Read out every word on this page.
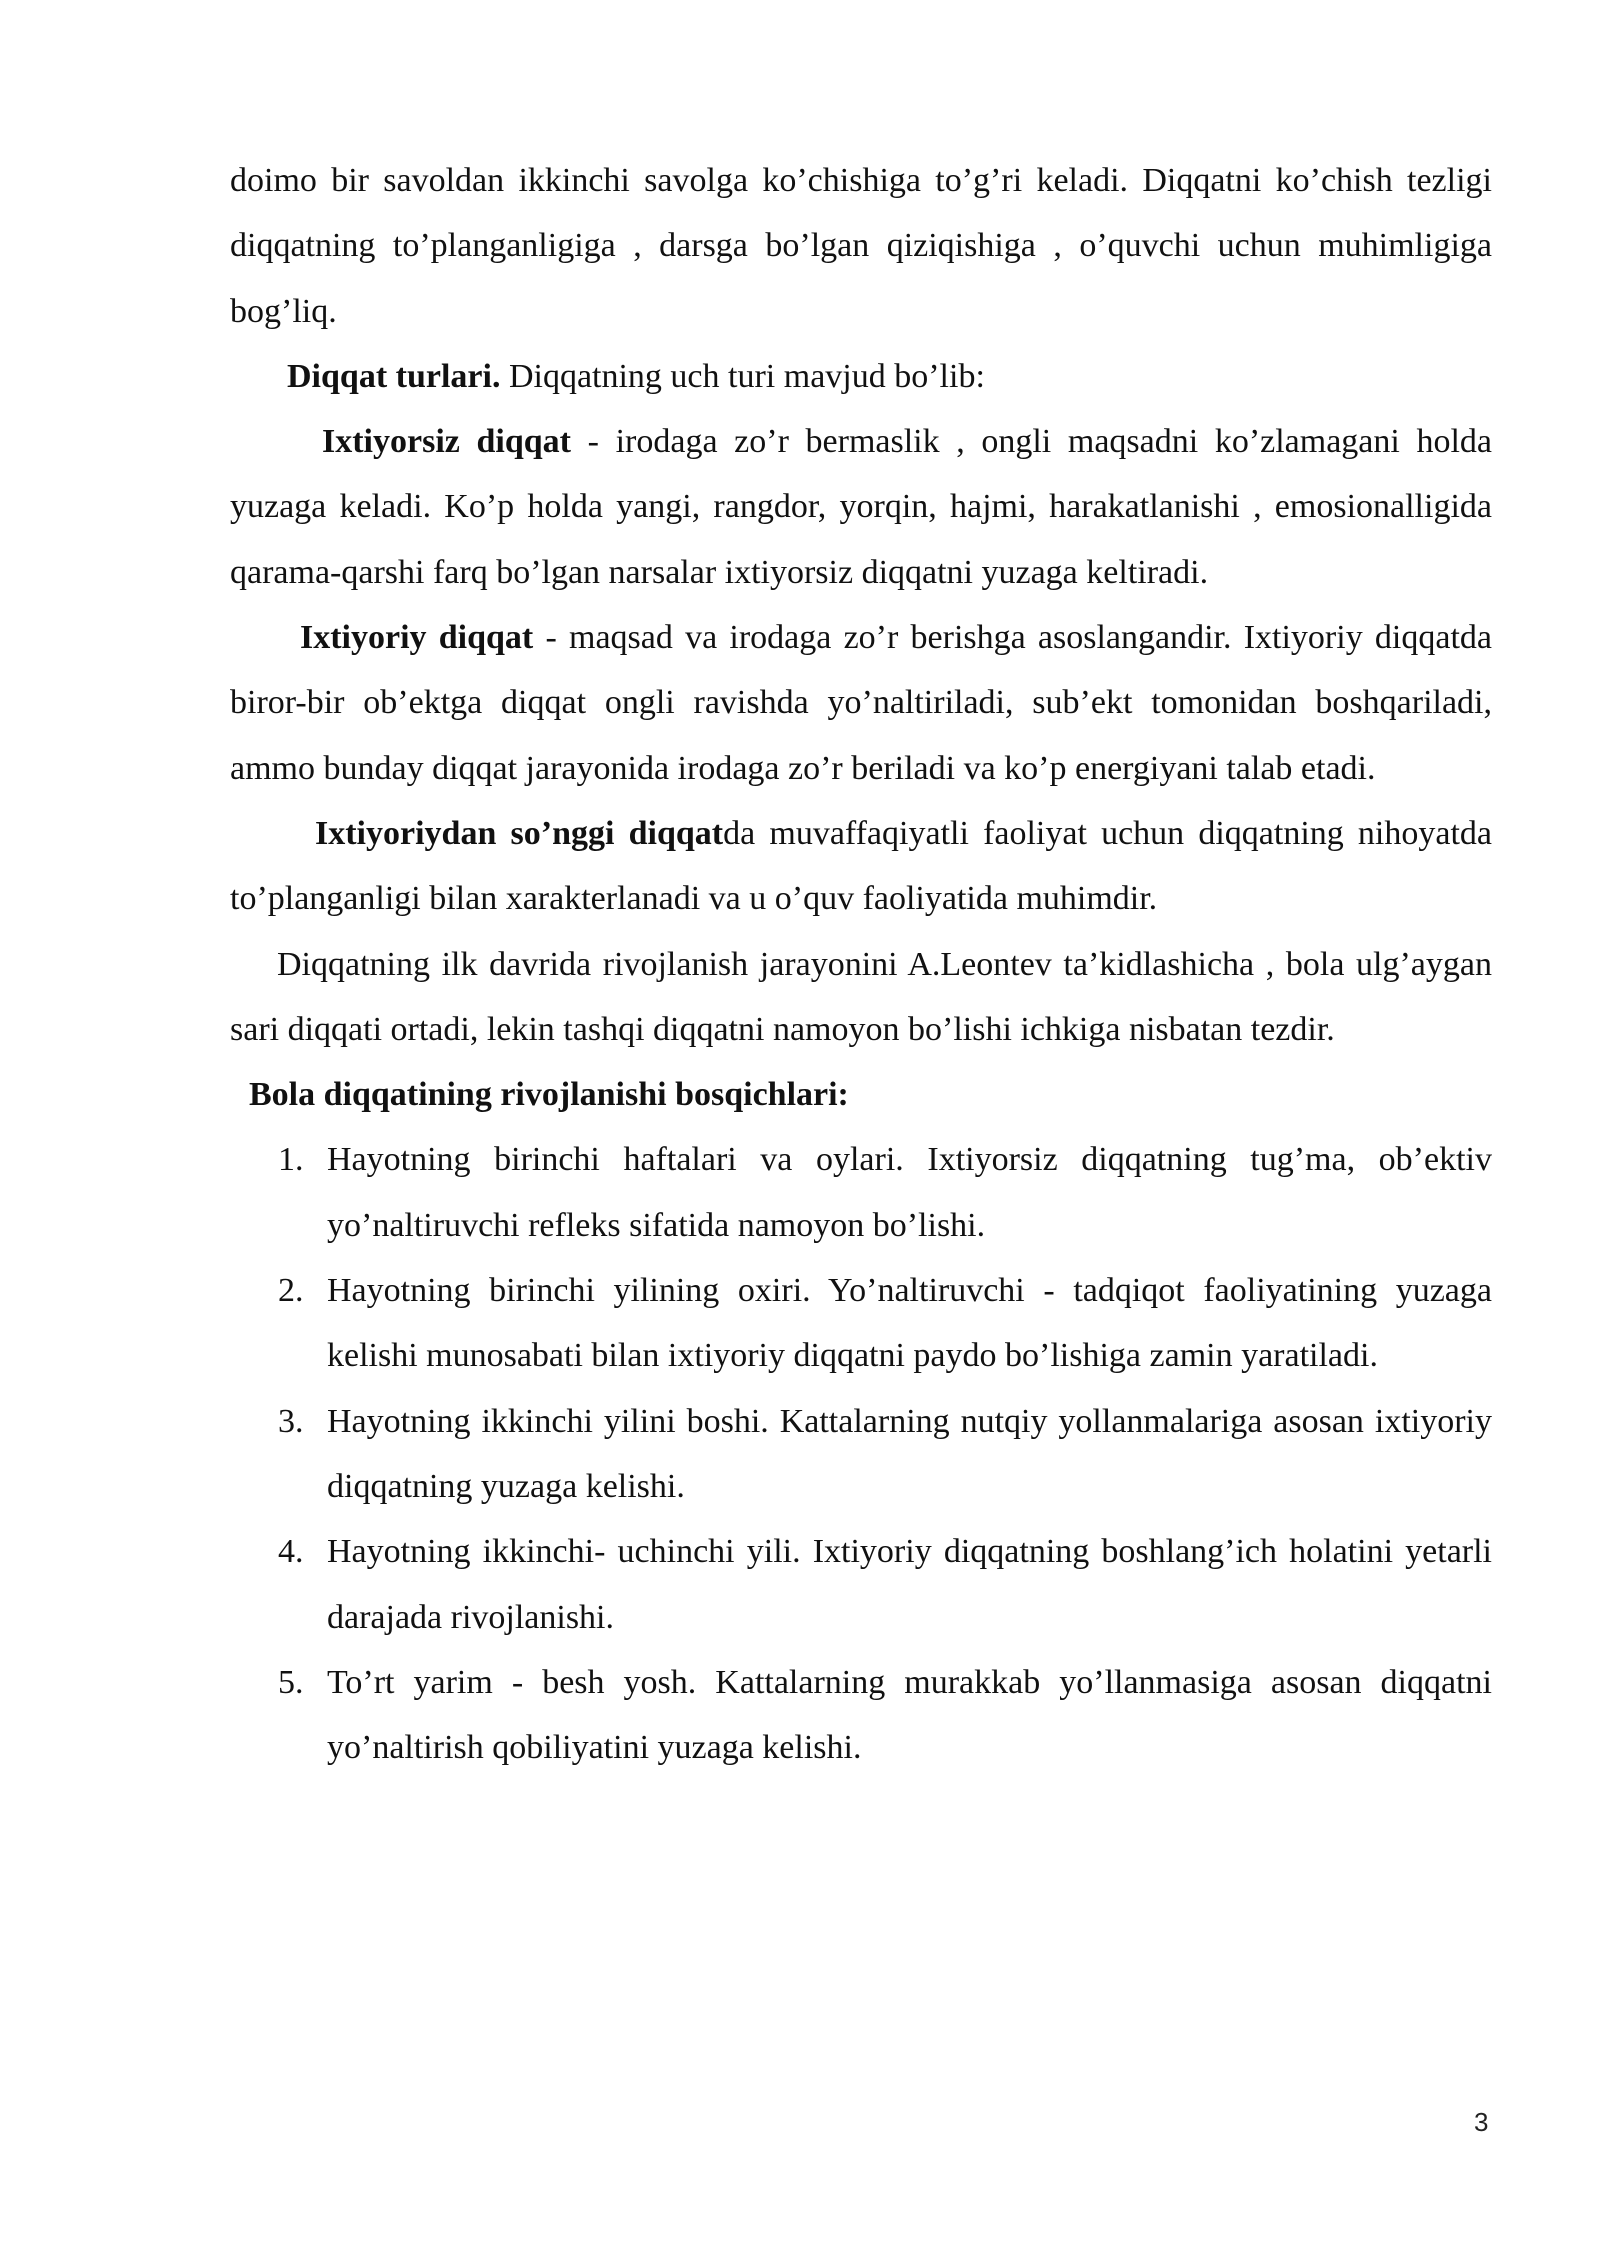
doimo bir savoldan ikkinchi savolga ko’chishiga to’g’ri keladi. Diqqatni ko’chish tezligi diqqatning to’planganligiga , darsga bo’lgan qiziqishiga , o’quvchi uchun muhimligiga bog’liq.

Diqqat turlari. Diqqatning uch turi mavjud bo’lib:

Ixtiyorsiz diqqat - irodaga zo’r bermaslik , ongli maqsadni ko’zlamagani holda yuzaga keladi. Ko’p holda yangi, rangdor, yorqin, hajmi, harakatlanishi , emosionalligida qarama-qarshi farq bo’lgan narsalar ixtiyorsiz diqqatni yuzaga keltiradi.

Ixtiyoriy diqqat - maqsad va irodaga zo’r berishga asoslangandir. Ixtiyoriy diqqatda biror-bir ob’ektga diqqat ongli ravishda yo’naltiriladi, sub’ekt tomonidan boshqariladi, ammo bunday diqqat jarayonida irodaga zo’r beriladi va ko’p energiyani talab etadi.

Ixtiyoriydan so’nggi diqqatda muvaffaqiyatli faoliyat uchun diqqatning nihoyatda to’planganligi bilan xarakterlanadi va u o’quv faoliyatida muhimdir.

Diqqatning ilk davrida rivojlanish jarayonini A.Leontev ta’kidlashicha , bola ulg’aygan sari diqqati ortadi, lekin tashqi diqqatni namoyon bo’lishi ichkiga nisbatan tezdir.

Bola diqqatining rivojlanishi bosqichlari:

1. Hayotning birinchi haftalari va oylari. Ixtiyorsiz diqqatning tug’ma, ob’ektiv yo’naltiruvchi refleks sifatida namoyon bo’lishi.
2. Hayotning birinchi yilining oxiri. Yo’naltiruvchi - tadqiqot faoliyatining yuzaga kelishi munosabati bilan ixtiyoriy diqqatni paydo bo’lishiga zamin yaratiladi.
3. Hayotning ikkinchi yilini boshi. Kattalarning nutqiy yollanmalariga asosan ixtiyoriy diqqatning yuzaga kelishi.
4. Hayotning ikkinchi- uchinchi yili. Ixtiyoriy diqqatning boshlang’ich holatini yetarli darajada rivojlanishi.
5. To’rt yarim - besh yosh. Kattalarning murakkab yo’llanmasiga asosan diqqatni yo’naltirish qobiliyatini yuzaga kelishi.
3
